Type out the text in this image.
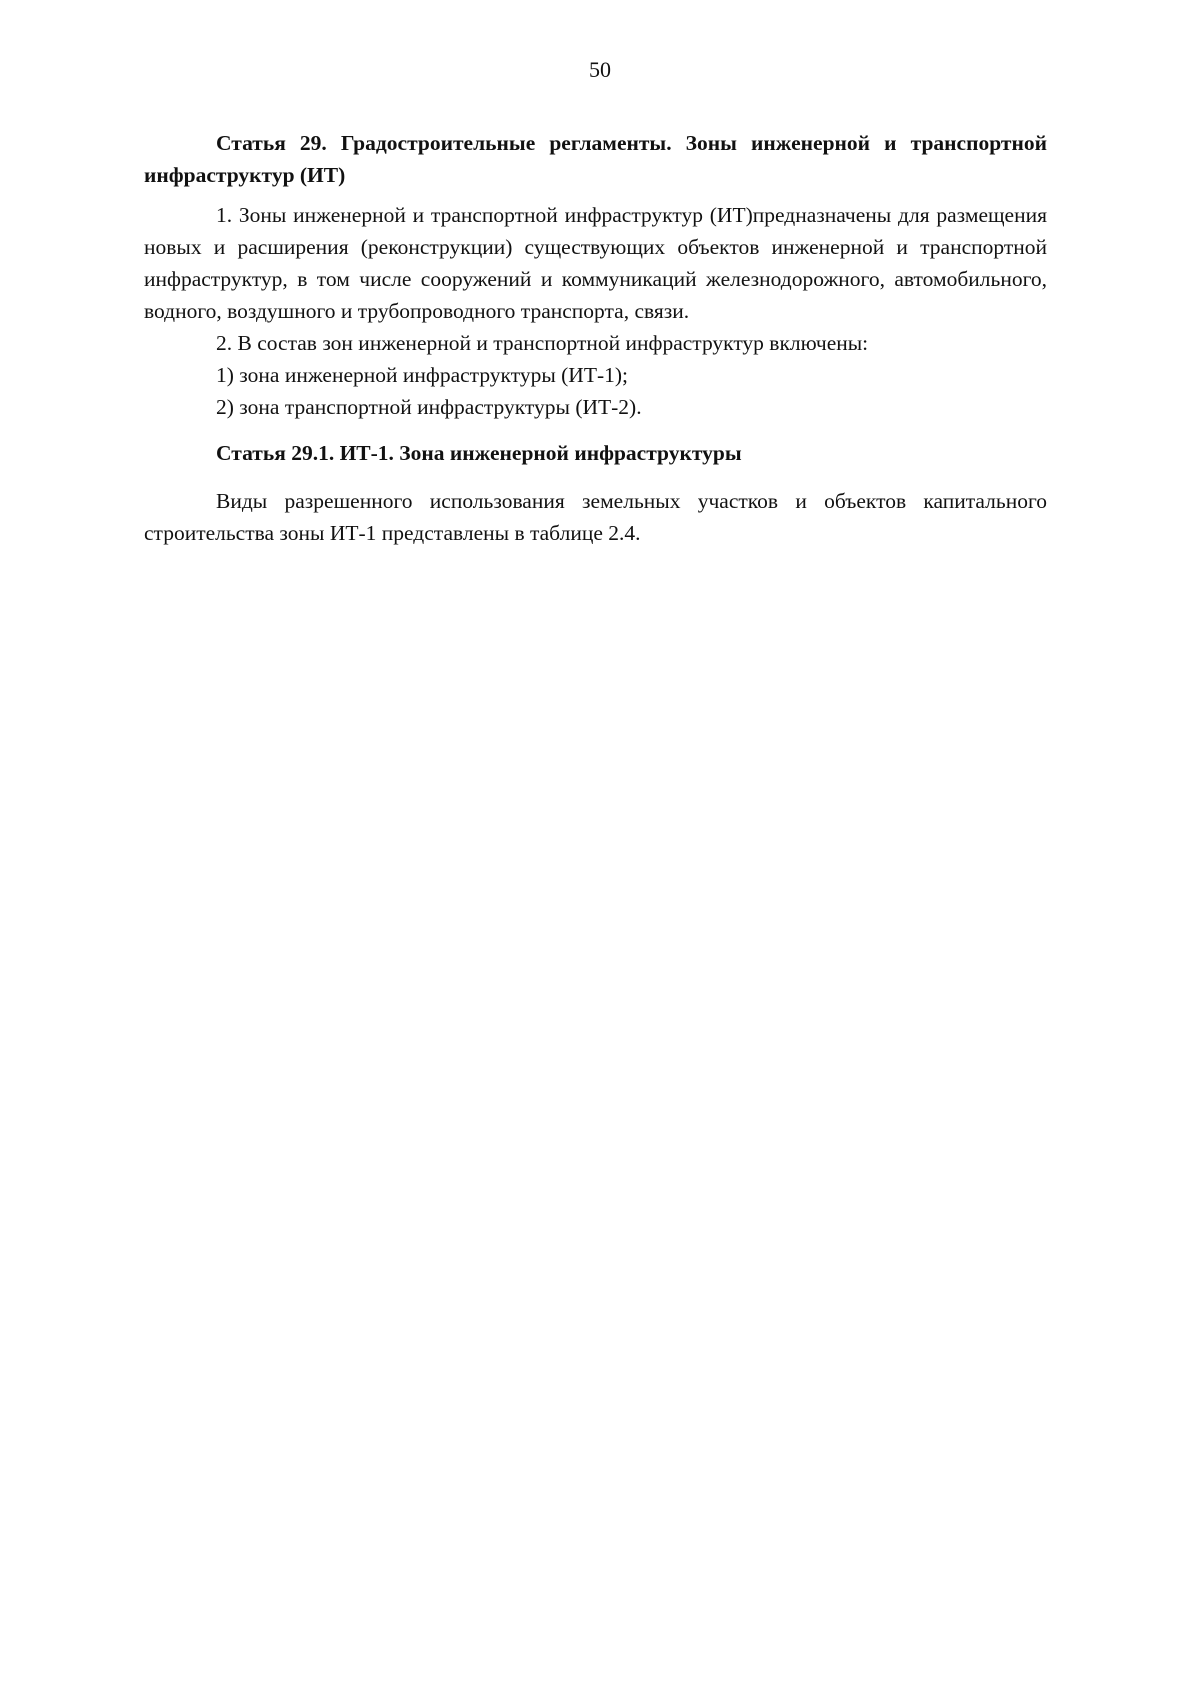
50

Статья 29. Градостроительные регламенты. Зоны инженерной и транспортной инфраструктур (ИТ)

1. Зоны инженерной и транспортной инфраструктур (ИТ)предназначены для размещения новых и расширения (реконструкции) существующих объектов инженерной и транспортной инфраструктур, в том числе сооружений и коммуникаций железнодорожного, автомобильного, водного, воздушного и трубопроводного транспорта, связи.

2. В состав зон инженерной и транспортной инфраструктур включены:

1) зона инженерной инфраструктуры (ИТ-1);

2) зона транспортной инфраструктуры (ИТ-2).

Статья 29.1. ИТ-1. Зона инженерной инфраструктуры

Виды разрешенного использования земельных участков и объектов капитального строительства зоны ИТ-1 представлены в таблице 2.4.
